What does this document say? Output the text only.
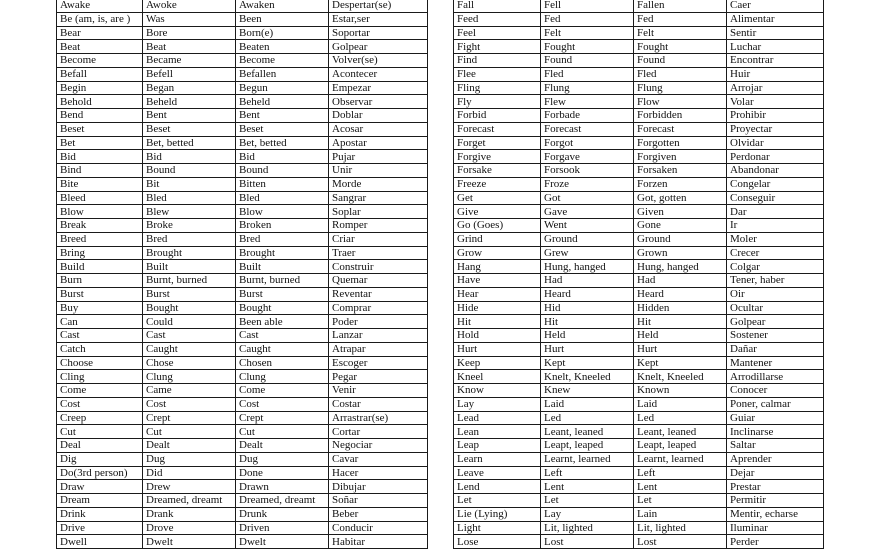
Awake	Awoke	Awaken	Despertar(se)
Be (am, is, are )	Was	Been	Estar,ser
Bear	Bore	Born(e)	Soportar
Beat	Beat	Beaten	Golpear
Become	Became	Become	Volver(se)
Befall	Befell	Befallen	Acontecer
Begin	Began	Begun	Empezar
Behold	Beheld	Beheld	Observar
Bend	Bent	Bent	Doblar
Beset	Beset	Beset	Acosar
Bet	Bet, betted	Bet, betted	Apostar
Bid	Bid	Bid	Pujar
Bind	Bound	Bound	Unir
Bite	Bit	Bitten	Morde
Bleed	Bled	Bled	Sangrar
Blow	Blew	Blow	Soplar
Break	Broke	Broken	Romper
Breed	Bred	Bred	Criar
Bring	Brought	Brought	Traer
Build	Built	Built	Construir
Burn	Burnt, burned	Burnt, burned	Quemar
Burst	Burst	Burst	Reventar
Buy	Bought	Bought	Comprar
Can	Could	Been able	Poder
Cast	Cast	Cast	Lanzar
Catch	Caught	Caught	Atrapar
Choose	Chose	Chosen	Escoger
Cling	Clung	Clung	Pegar
Come	Came	Come	Venir
Cost	Cost	Cost	Costar
Creep	Crept	Crept	Arrastrar(se)
Cut	Cut	Cut	Cortar
Deal	Dealt	Dealt	Negociar
Dig	Dug	Dug	Cavar
Do(3rd person)	Did	Done	Hacer
Draw	Drew	Drawn	Dibujar
Dream	Dreamed, dreamt	Dreamed, dreamt	Soñar
Drink	Drank	Drunk	Beber
Drive	Drove	Driven	Conducir
Dwell	Dwelt	Dwelt	Habitar
Fall	Fell	Fallen	Caer
Feed	Fed	Fed	Alimentar
Feel	Felt	Felt	Sentir
Fight	Fought	Fought	Luchar
Find	Found	Found	Encontrar
Flee	Fled	Fled	Huir
Fling	Flung	Flung	Arrojar
Fly	Flew	Flow	Volar
Forbid	Forbade	Forbidden	Prohibir
Forecast	Forecast	Forecast	Proyectar
Forget	Forgot	Forgotten	Olvidar
Forgive	Forgave	Forgiven	Perdonar
Forsake	Forsook	Forsaken	Abandonar
Freeze	Froze	Forzen	Congelar
Get	Got	Got, gotten	Conseguir
Give	Gave	Given	Dar
Go (Goes)	Went	Gone	Ir
Grind	Ground	Ground	Moler
Grow	Grew	Grown	Crecer
Hang	Hung, hanged	Hung, hanged	Colgar
Have	Had	Had	Tener, haber
Hear	Heard	Heard	Oir
Hide	Hid	Hidden	Ocultar
Hit	Hit	Hit	Golpear
Hold	Held	Held	Sostener
Hurt	Hurt	Hurt	Dañar
Keep	Kept	Kept	Mantener
Kneel	Knelt, Kneeled	Knelt, Kneeled	Arrodillarse
Know	Knew	Known	Conocer
Lay	Laid	Laid	Poner, calmar
Lead	Led	Led	Guiar
Lean	Leant, leaned	Leant, leaned	Inclinarse
Leap	Leapt, leaped	Leapt, leaped	Saltar
Learn	Learnt, learned	Learnt, learned	Aprender
Leave	Left	Left	Dejar
Lend	Lent	Lent	Prestar
Let	Let	Let	Permitir
Lie (Lying)	Lay	Lain	Mentir, echarse
Light	Lit, lighted	Lit, lighted	Iluminar
Lose	Lost	Lost	Perder
